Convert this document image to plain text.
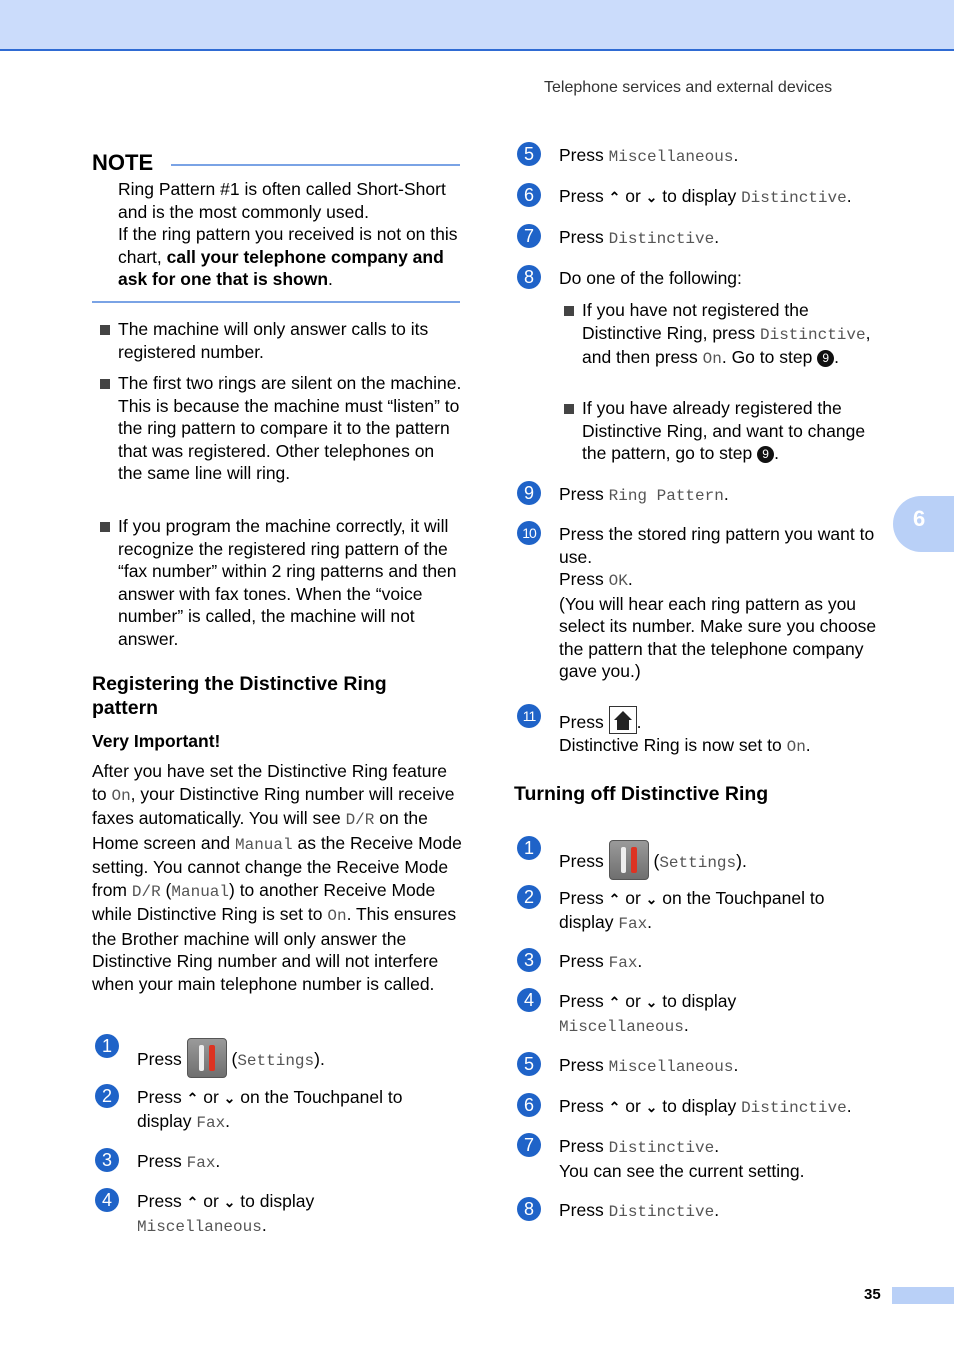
Telephone services and external devices
6
NOTE
Ring Pattern #1 is often called Short-Short and is the most commonly used.
If the ring pattern you received is not on this chart, call your telephone company and ask for one that is shown.
The machine will only answer calls to its registered number.
The first two rings are silent on the machine. This is because the machine must “listen” to the ring pattern to compare it to the pattern that was registered. Other telephones on the same line will ring.
If you program the machine correctly, it will recognize the registered ring pattern of the “fax number” within 2 ring patterns and then answer with fax tones. When the “voice number” is called, the machine will not answer.
Registering the Distinctive Ring pattern
Very Important!
After you have set the Distinctive Ring feature to On, your Distinctive Ring number will receive faxes automatically. You will see D/R on the Home screen and Manual as the Receive Mode setting. You cannot change the Receive Mode from D/R (Manual) to another Receive Mode while Distinctive Ring is set to On. This ensures the Brother machine will only answer the Distinctive Ring number and will not interfere when your main telephone number is called.
1
Press	(Settings).
2	Press ⌃ or ⌄ on the Touchpanel to
display Fax.
3	Press Fax.
4	Press ⌃ or ⌄ to display
Miscellaneous.
5	Press Miscellaneous.
6	Press ⌃ or ⌄ to display Distinctive.
7	Press Distinctive.
8	Do one of the following:
If you have not registered the Distinctive Ring, press Distinctive, and then press On. Go to step 9 .
If you have already registered the Distinctive Ring, and want to change the pattern, go to step 9 .
9	Press Ring Pattern.
10 Press the stored ring pattern you want to use.
Press OK.
(You will hear each ring pattern as you select its number. Make sure you choose the pattern that the telephone company gave you.)
11	Press .
Distinctive Ring is now set to On.
Turning off Distinctive Ring
1
Press	(Settings).
2	Press ⌃ or ⌄ on the Touchpanel to
display Fax.
3	Press Fax.
4	Press ⌃ or ⌄ to display
Miscellaneous.
5	Press Miscellaneous.
6	Press ⌃ or ⌄ to display Distinctive.
7	Press Distinctive.
You can see the current setting.
8	Press Distinctive.
35
